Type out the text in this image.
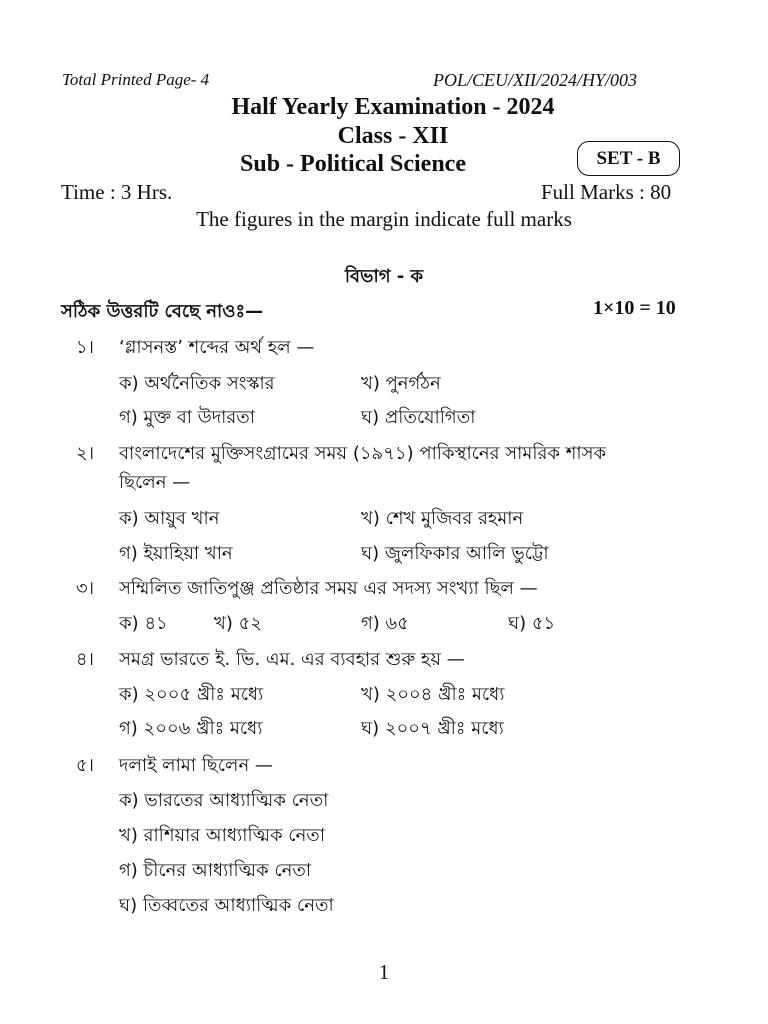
Total Printed Page- 4	POL/CEU/XII/2024/HY/003
Half Yearly Examination - 2024
Class - XII
Sub - Political Science	SET - B
Time : 3 Hrs.	Full Marks : 80
The figures in the margin indicate full marks
বিভাগ - ক
সঠিক উত্তরটি বেছে নাওঃ—	1×10 = 10
১। ‘গ্লাসনস্ত’ শব্দের অর্থ হল —
ক) অর্থনৈতিক সংস্কার	খ) পুনর্গঠন
গ) মুক্ত বা উদারতা	ঘ) প্রতিযোগিতা
২। বাংলাদেশের মুক্তিসংগ্রামের সময় (১৯৭১) পাকিস্থানের সামরিক শাসক
ছিলেন —
ক) আয়ুব খান	খ) শেখ মুজিবর রহমান
গ) ইয়াহিয়া খান	ঘ) জুলফিকার আলি ভুট্টো
৩। সম্মিলিত জাতিপুঞ্জ প্রতিষ্ঠার সময় এর সদস্য সংখ্যা ছিল —
ক) ৪১	খ) ৫২	গ) ৬৫	ঘ) ৫১
৪। সমগ্র ভারতে ই. ভি. এম. এর ব্যবহার শুরু হয় —
ক) ২০০৫ খ্রীঃ মধ্যে	খ) ২০০৪ খ্রীঃ মধ্যে
গ) ২০০৬ খ্রীঃ মধ্যে	ঘ) ২০০৭ খ্রীঃ মধ্যে
৫। দলাই লামা ছিলেন —
ক) ভারতের আধ্যাত্মিক নেতা
খ) রাশিয়ার আধ্যাত্মিক নেতা
গ) চীনের আধ্যাত্মিক নেতা
ঘ) তিব্বতের আধ্যাত্মিক নেতা
1
